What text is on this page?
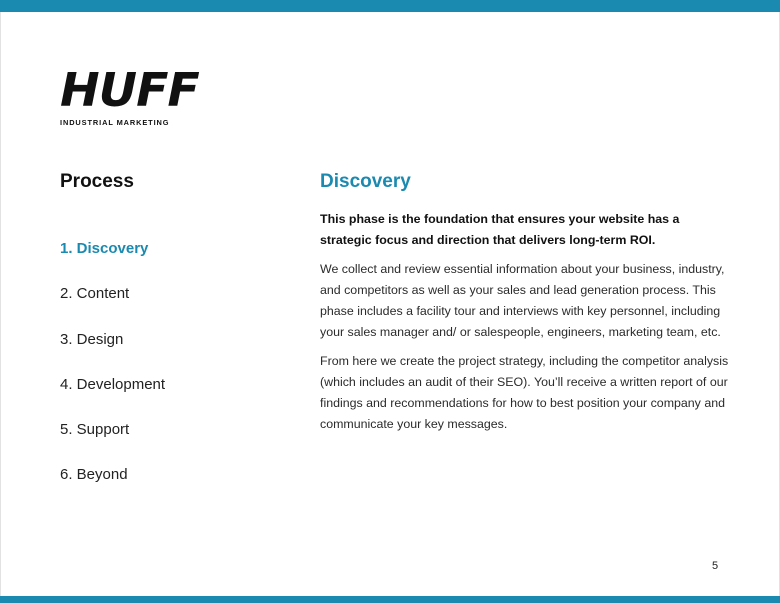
HUFF
INDUSTRIAL MARKETING
Process
1. Discovery
2. Content
3. Design
4. Development
5. Support
6. Beyond
Discovery

This phase is the foundation that ensures your website has a strategic focus and direction that delivers long-term ROI.

We collect and review essential information about your business, industry, and competitors as well as your sales and lead generation process. This phase includes a facility tour and interviews with key personnel, including your sales manager and/ or salespeople, engineers, marketing team, etc.

From here we create the project strategy, including the competitor analysis (which includes an audit of their SEO). You’ll receive a written report of our findings and recommendations for how to best position your company and communicate your key messages.

5
